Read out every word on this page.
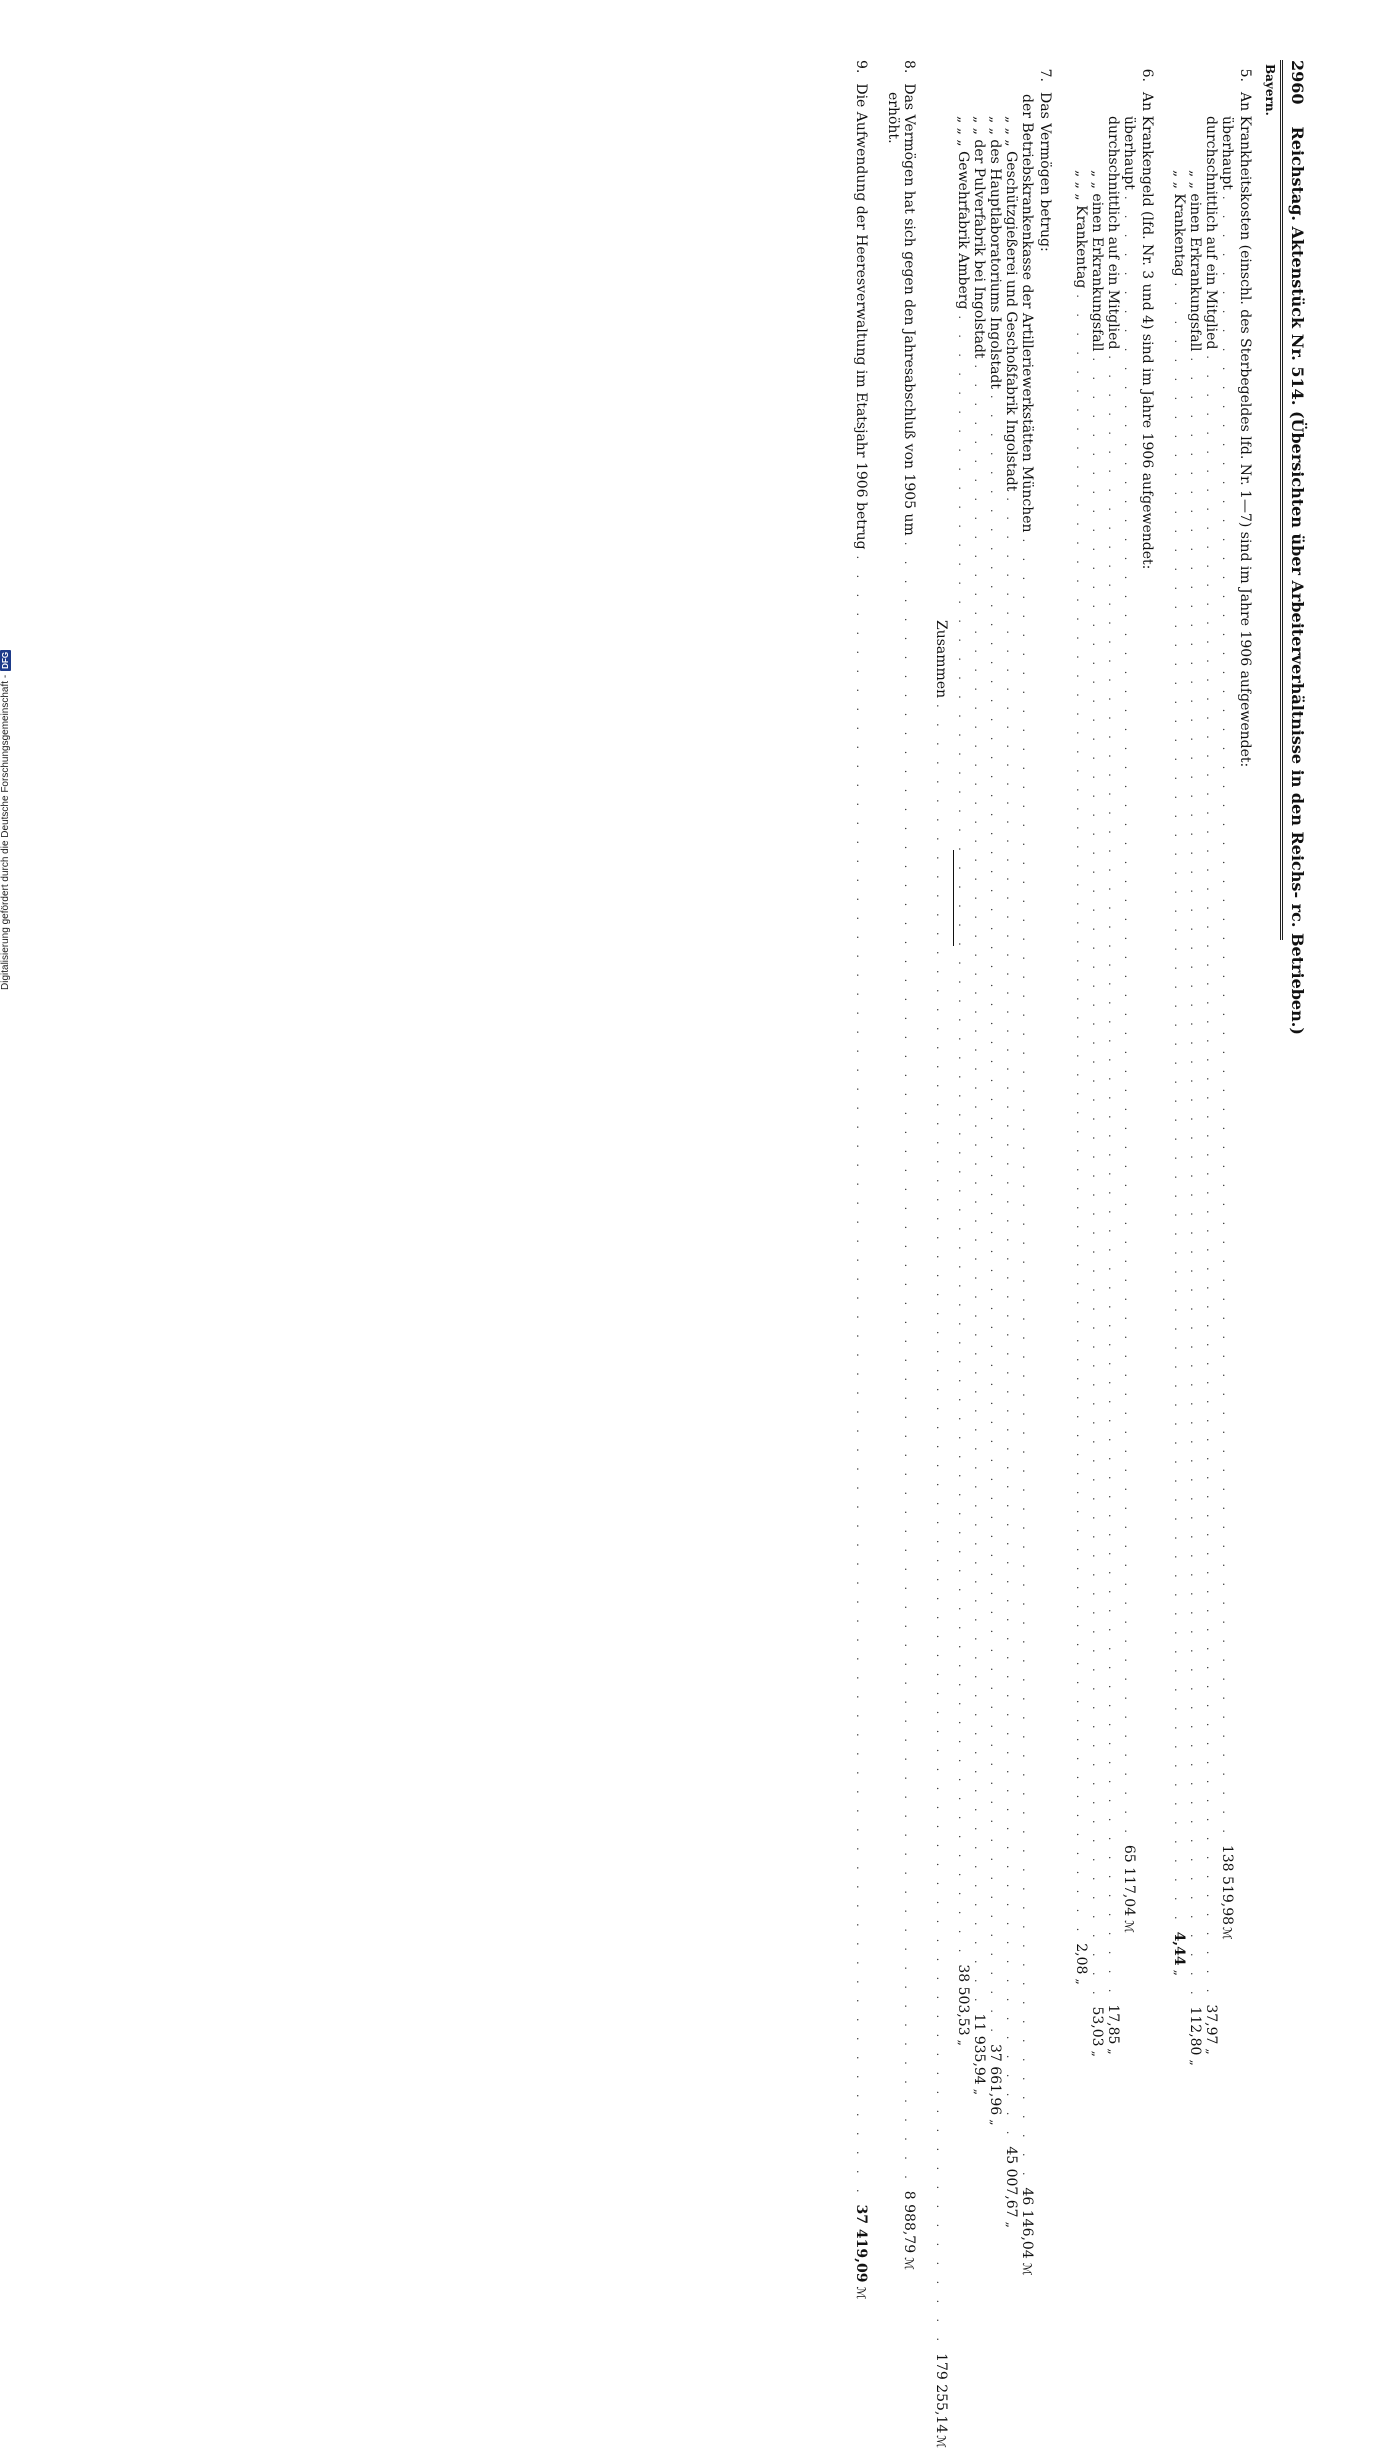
2960
Reichstag. Aktenstück Nr. 514. (Übersichten über Arbeiterverhältnisse in den Reichs- rc. Betrieben.)
Bayern.
5.
An Krankheitskosten (einschl. des Sterbegeldes lfd. Nr. 1—7) sind im Jahre 1906 aufgewendet:
überhaupt
. . .
138 519,98
ℳ
durchschnittlich auf ein Mitglied
. . .
37,97
„
„ „ einen Erkrankungsfall
. . .
112,80
„
„ „ Krankentag
. . .
4,44
„
6.
An Krankengeld (lfd. Nr. 3 und 4) sind im Jahre 1906 aufgewendet:
überhaupt
. . .
65 117,04
ℳ
durchschnittlich auf ein Mitglied
. . .
17,85
„
„ „ einen Erkrankungsfall
. . .
53,03
„
„ „ „ Krankentag
. . .
2,08
„
7.
Das Vermögen betrug:
der Betriebskrankenkasse der Artilleriewerkstätten München
. . .
46 146,04
ℳ
„ „ „ Geschützgießerei und Geschoßfabrik Ingolstadt
. . .
45 007,67
„
„ „ des Hauptlaboratoriums Ingolstadt
. . .
37 661,96
„
„ „ der Pulverfabrik bei Ingolstadt
. . .
11 935,94
„
„ „ „ Gewehrfabrik Amberg
. . .
38 503,53
„
Zusammen
. . .
179 255,14
ℳ
8.
Das Vermögen hat sich gegen den Jahresabschluß von 1905 um
. . .
8 988,79
ℳ
erhöht.
9.
Die Aufwendung der Heeresverwaltung im Etatsjahr 1906 betrug
. . .
37 419,09
ℳ
Digitalisierung gefördert durch die Deutsche Forschungsgemeinschaft -
DFG
